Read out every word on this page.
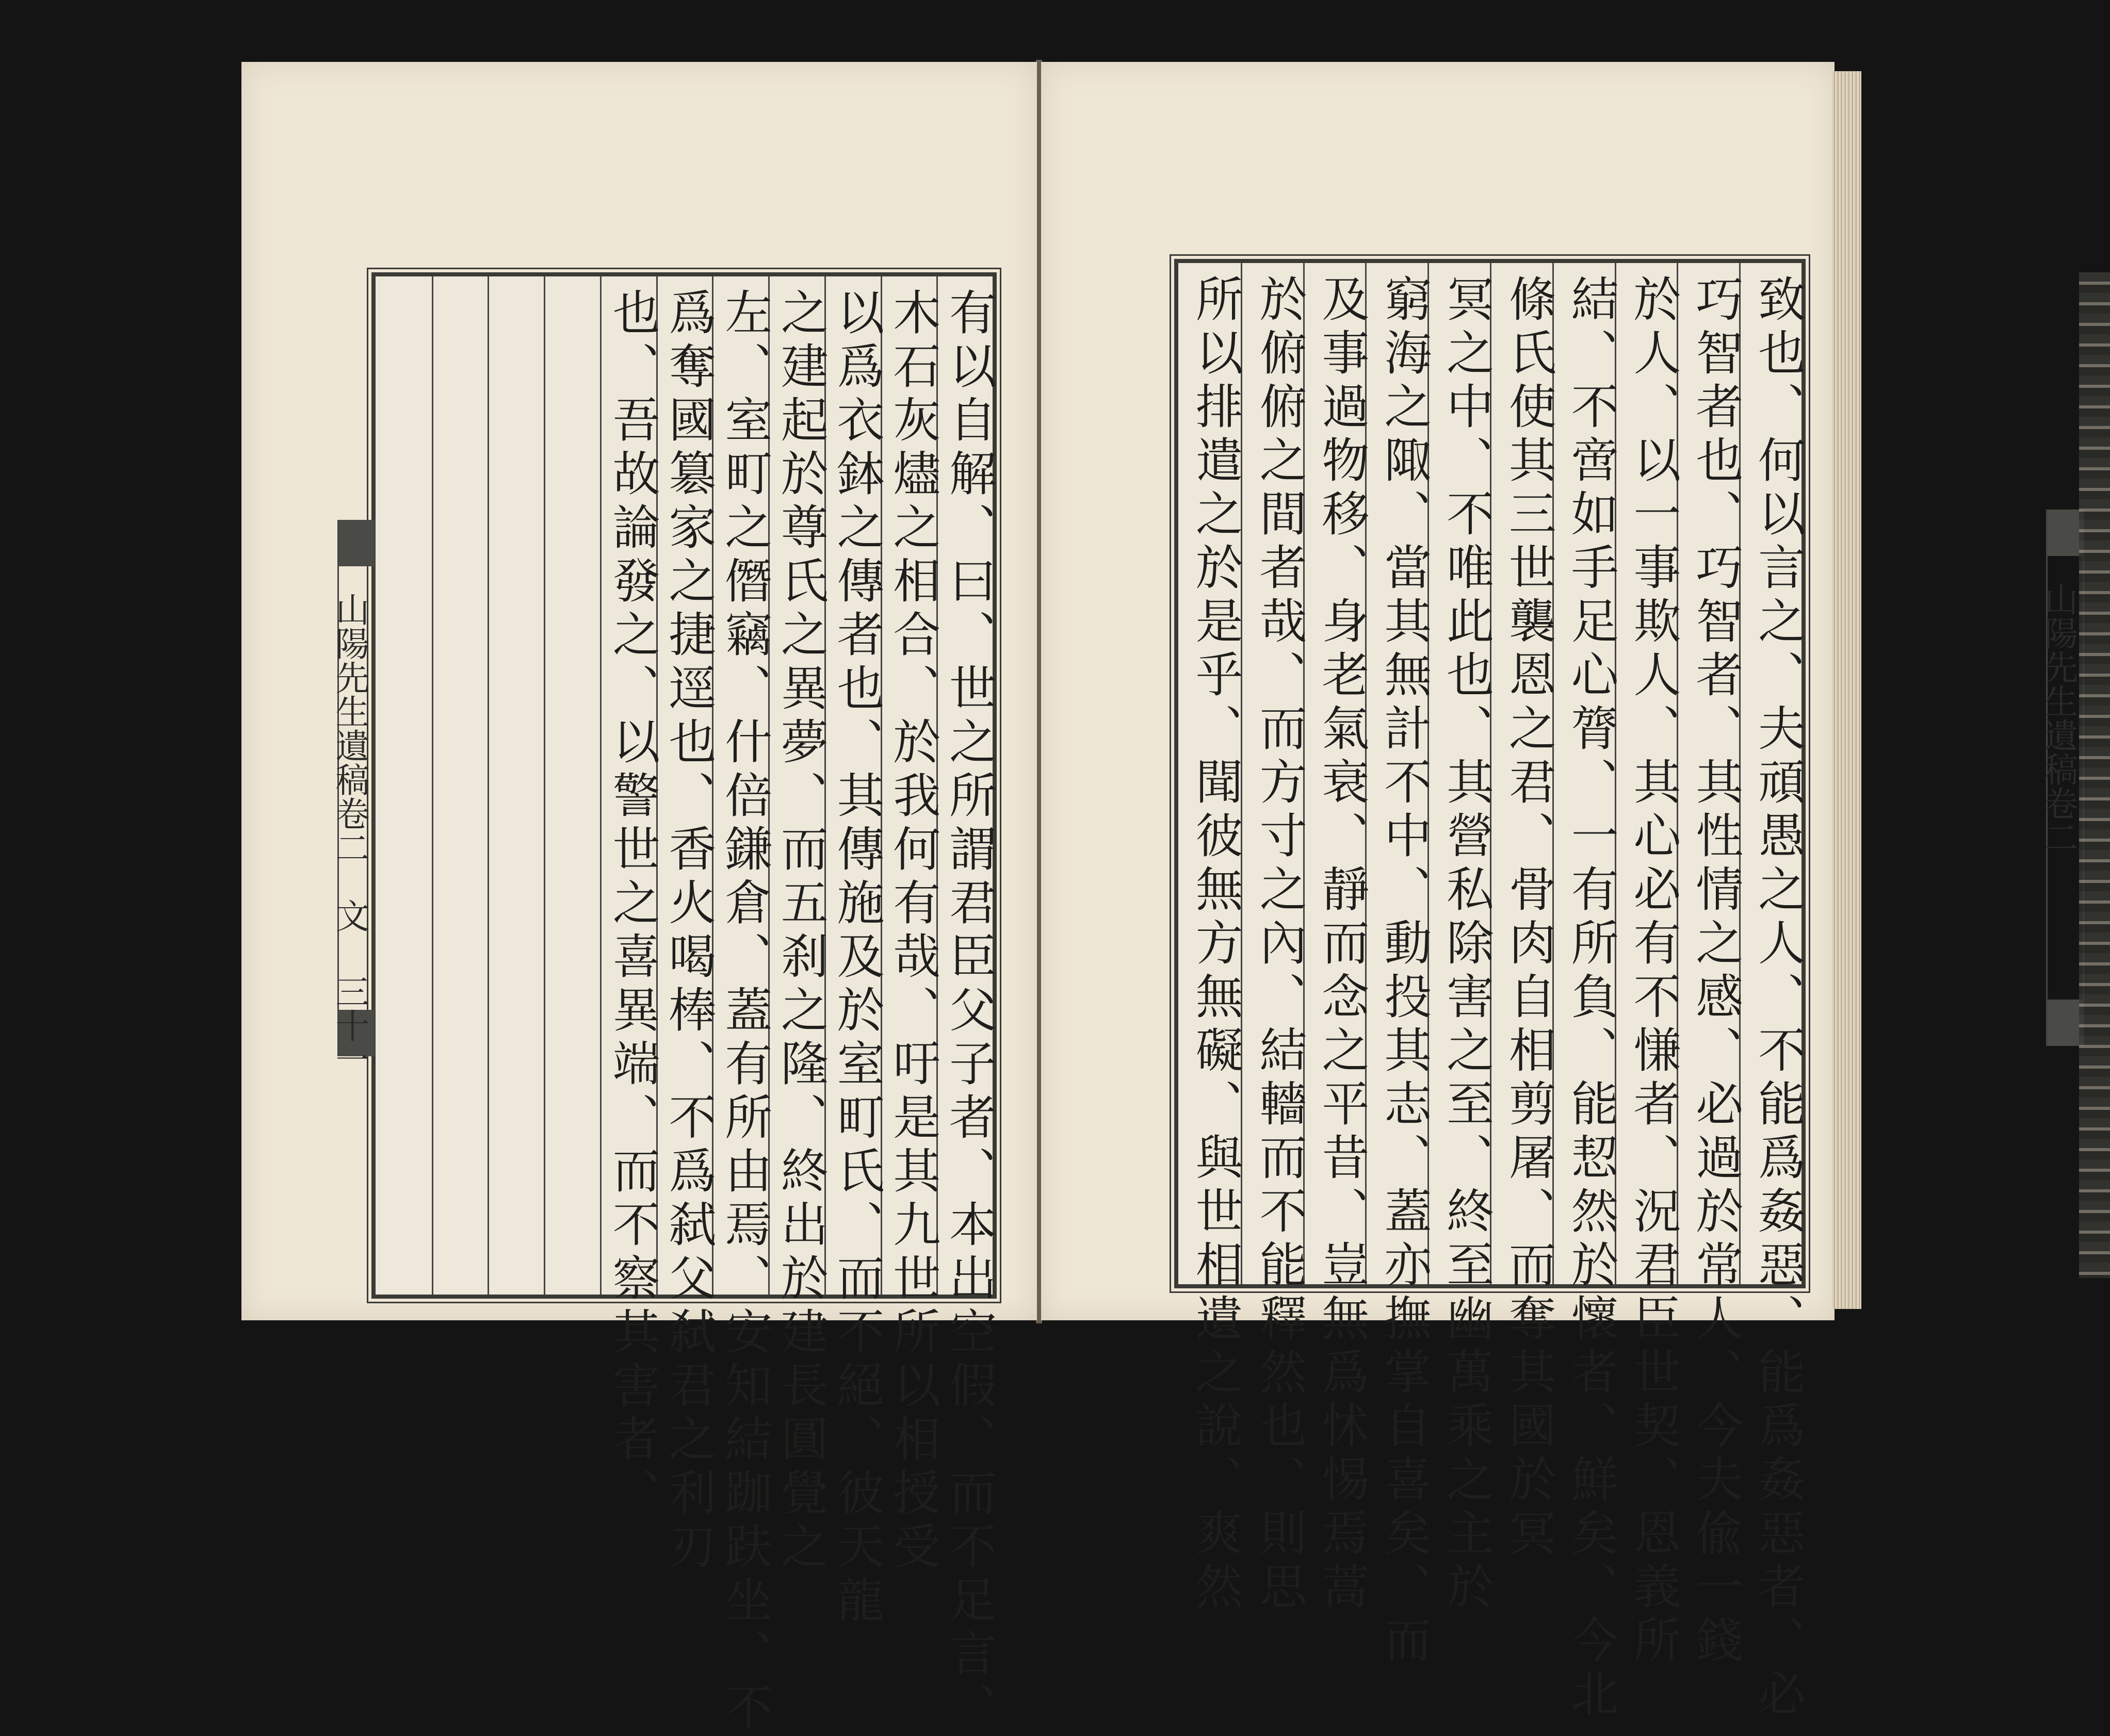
有以自解、曰、世之所謂君臣父子者、本出空假、而不足言、
木石灰燼之相合、於我何有哉、吁是其九世所以相授受
以爲衣鉢之傳者也、其傳施及於室町氏、而不絕、彼天龍
之建起於尊氏之異夢、而五刹之隆、終出於建長圓覺之
左、室町之僭竊、什倍鎌倉、蓋有所由焉、安知結跏趺坐、不
爲奪國簒家之捷逕也、香火喝棒、不爲弑父弑君之利刃
也、吾故論發之、以警世之喜異端、而不察其害者、	致也、何以言之、夫頑愚之人、不能爲姦惡、能爲姦惡者、必
巧智者也、巧智者、其性情之感、必過於常人、今夫偸一錢
於人、以一事欺人、其心必有不慊者、況君臣世契、恩義所
結、不啻如手足心膂、一有所負、能恝然於懷者、鮮矣、今北
條氏使其三世襲恩之君、骨肉自相剪屠、而奪其國於冥
冥之中、不唯此也、其營私除害之至、終至幽萬乘之主於
窮海之陬、當其無計不中、動投其志、蓋亦撫掌自喜矣、而
及事過物移、身老氣衰、靜而念之平昔、豈無爲怵惕焉蒿
於俯俯之間者哉、而方寸之內、結轖而不能釋然也、則思
所以排遣之於是乎、聞彼無方無礙、與世相遺之說、爽然
山陽先生遺稿卷二　文 三十一
山陽先生遺稿卷二
